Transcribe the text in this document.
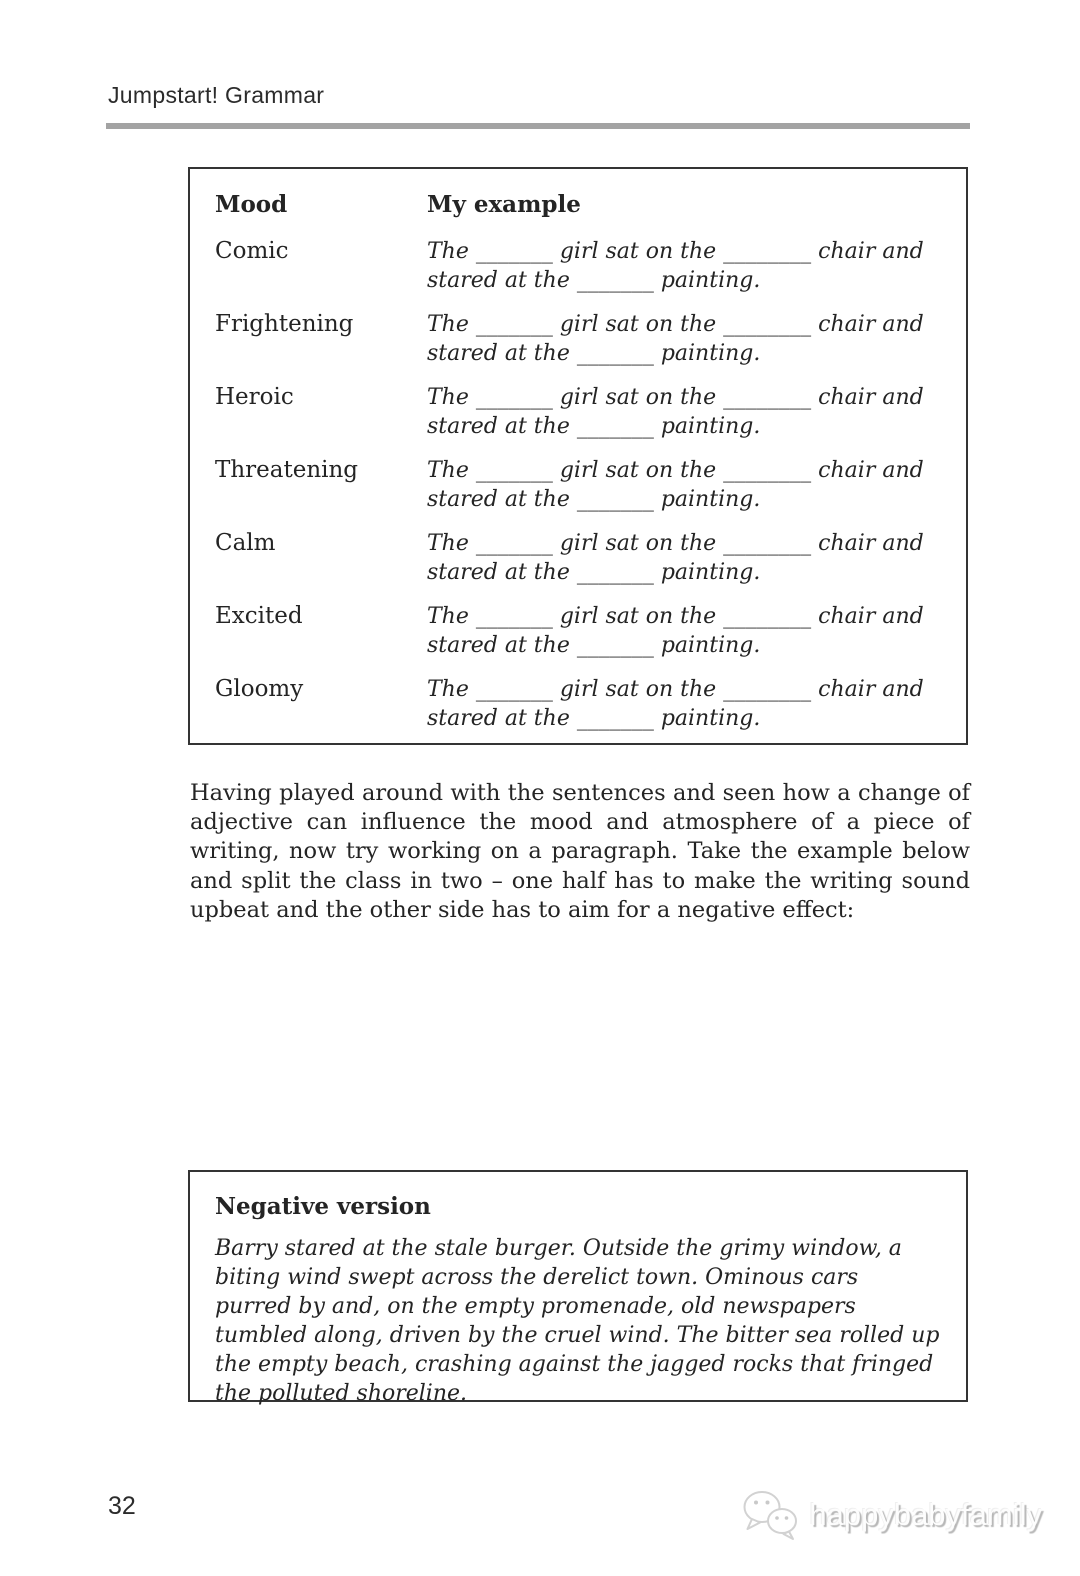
Jumpstart! Grammar
Mood	My example
Comic	The _______ girl sat on the ________ chair and
stared at the _______ painting.
Frightening	The _______ girl sat on the ________ chair and
stared at the _______ painting.
Heroic	The _______ girl sat on the ________ chair and
stared at the _______ painting.
Threatening	The _______ girl sat on the ________ chair and
stared at the _______ painting.
Calm	The _______ girl sat on the ________ chair and
stared at the _______ painting.
Excited	The _______ girl sat on the ________ chair and
stared at the _______ painting.
Gloomy	The _______ girl sat on the ________ chair and
stared at the _______ painting.
Having played around with the sentences and seen how a change of adjective can influence the mood and atmosphere of a piece of writing, now try working on a paragraph. Take the example below and split the class in two – one half has to make the writing sound upbeat and the other side has to aim for a negative effect:
Negative version
Barry stared at the stale burger. Outside the grimy window, a biting wind swept across the derelict town. Ominous cars purred by and, on the empty promenade, old newspapers tumbled along, driven by the cruel wind. The bitter sea rolled up the empty beach, crashing against the jagged rocks that fringed the polluted shoreline.
32	happybabyfamily
